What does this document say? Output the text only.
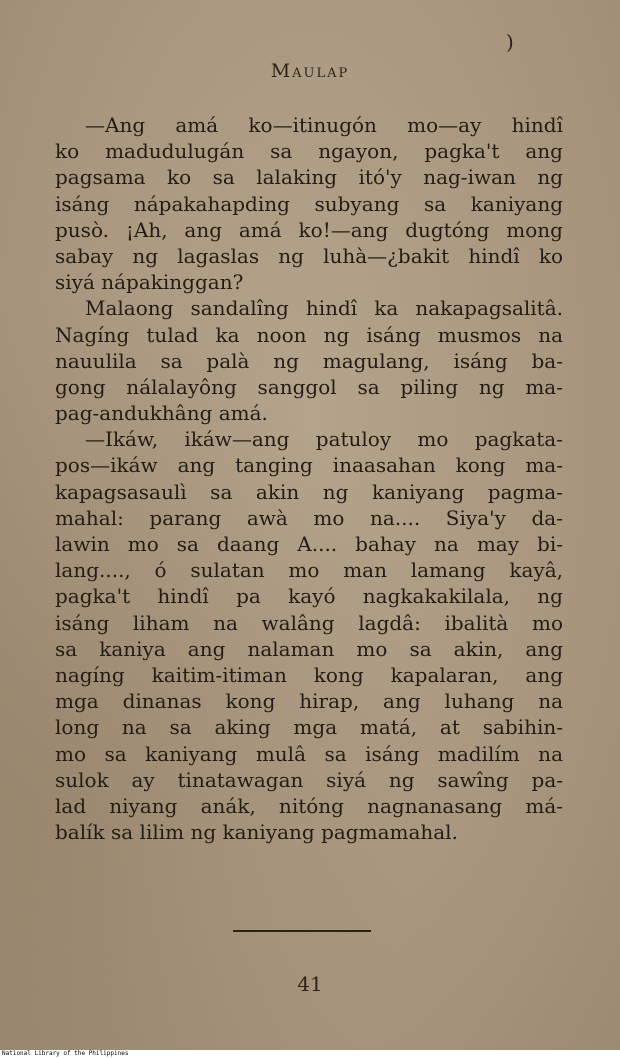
)
Maulap
—Ang amá ko—itinugón mo—ay hindî
ko madudulugán sa ngayon, pagka't ang
pagsama ko sa lalaking itó'y nag-iwan ng
isáng nápakahapding subyang sa kaniyang
pusò. ¡Ah, ang amá ko!—ang dugtóng mong
sabay ng lagaslas ng luhà—¿bakit hindî ko
siyá nápakinggan?
Malaong sandalîng hindî ka nakapagsalitâ.
Nagíng tulad ka noon ng isáng musmos na
nauulila sa palà ng magulang, isáng ba-
gong nálalayông sanggol sa piling ng ma-
pag-andukhâng amá.
—Ikáw, ikáw—ang patuloy mo pagkata-
pos—ikáw ang tanging inaasahan kong ma-
kapagsasaulì sa akin ng kaniyang pagma-
mahal: parang awà mo na.... Siya'y da-
lawin mo sa daang A.... bahay na may bi-
lang...., ó sulatan mo man lamang kayâ,
pagka't hindî pa kayó nagkakakilala, ng
isáng liham na walâng lagdâ: ibalità mo
sa kaniya ang nalaman mo sa akin, ang
nagíng kaitim-itiman kong kapalaran, ang
mga dinanas kong hirap, ang luhang na
long na sa aking mga matá, at sabihin-
mo sa kaniyang mulâ sa isáng madilím na
sulok ay tinatawagan siyá ng sawîng pa-
lad niyang anák, nitóng nagnanasang má-
balík sa lilim ng kaniyang pagmamahal.
41
National Library of the Philippines
